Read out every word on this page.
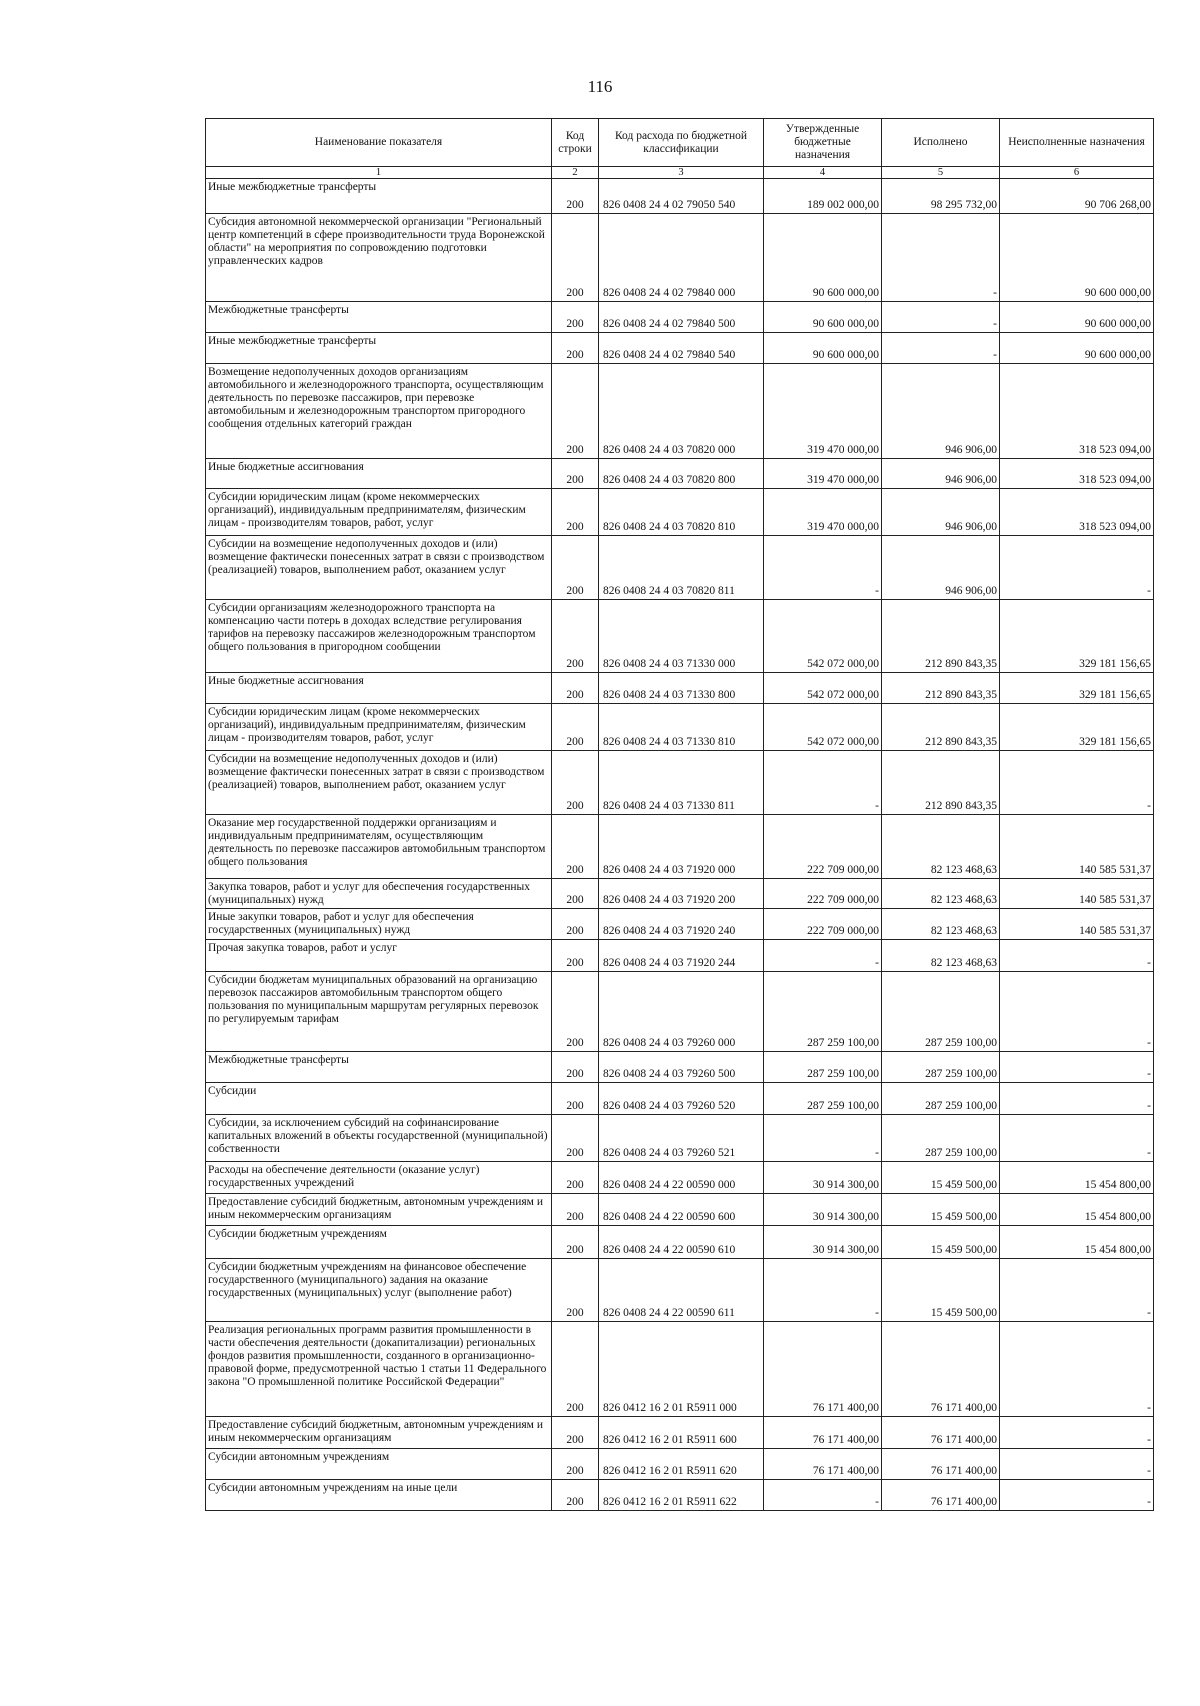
116
Наименование показателя	Код строки	Код расхода по бюджетной классификации	Утвержденные бюджетные назначения	Исполнено	Неисполненные назначения
1	2	3	4	5	6
Иные межбюджетные трансферты	200	826 0408 24 4 02 79050 540	189 002 000,00	98 295 732,00	90 706 268,00
Субсидия автономной некоммерческой организации "Региональный центр компетенций в сфере производительности труда Воронежской области" на мероприятия по сопровождению подготовки управленческих кадров	200	826 0408 24 4 02 79840 000	90 600 000,00	-	90 600 000,00
Межбюджетные трансферты	200	826 0408 24 4 02 79840 500	90 600 000,00	-	90 600 000,00
Иные межбюджетные трансферты	200	826 0408 24 4 02 79840 540	90 600 000,00	-	90 600 000,00
Возмещение недополученных доходов организациям автомобильного и железнодорожного транспорта, осуществляющим деятельность по перевозке пассажиров, при перевозке автомобильным и железнодорожным транспортом пригородного сообщения отдельных категорий граждан	200	826 0408 24 4 03 70820 000	319 470 000,00	946 906,00	318 523 094,00
Иные бюджетные ассигнования	200	826 0408 24 4 03 70820 800	319 470 000,00	946 906,00	318 523 094,00
Субсидии юридическим лицам (кроме некоммерческих организаций), индивидуальным предпринимателям, физическим лицам - производителям товаров, работ, услуг	200	826 0408 24 4 03 70820 810	319 470 000,00	946 906,00	318 523 094,00
Субсидии на возмещение недополученных доходов и (или) возмещение фактически понесенных затрат в связи с производством (реализацией) товаров, выполнением работ, оказанием услуг	200	826 0408 24 4 03 70820 811	-	946 906,00	-
Субсидии организациям железнодорожного транспорта на компенсацию части потерь в доходах вследствие регулирования тарифов на перевозку пассажиров железнодорожным транспортом общего пользования в пригородном сообщении	200	826 0408 24 4 03 71330 000	542 072 000,00	212 890 843,35	329 181 156,65
Иные бюджетные ассигнования	200	826 0408 24 4 03 71330 800	542 072 000,00	212 890 843,35	329 181 156,65
Субсидии юридическим лицам (кроме некоммерческих организаций), индивидуальным предпринимателям, физическим лицам - производителям товаров, работ, услуг	200	826 0408 24 4 03 71330 810	542 072 000,00	212 890 843,35	329 181 156,65
Субсидии на возмещение недополученных доходов и (или) возмещение фактически понесенных затрат в связи с производством (реализацией) товаров, выполнением работ, оказанием услуг	200	826 0408 24 4 03 71330 811	-	212 890 843,35	-
Оказание мер государственной поддержки организациям и индивидуальным предпринимателям, осуществляющим деятельность по перевозке пассажиров автомобильным транспортом общего пользования	200	826 0408 24 4 03 71920 000	222 709 000,00	82 123 468,63	140 585 531,37
Закупка товаров, работ и услуг для обеспечения государственных (муниципальных) нужд	200	826 0408 24 4 03 71920 200	222 709 000,00	82 123 468,63	140 585 531,37
Иные закупки товаров, работ и услуг для обеспечения государственных (муниципальных) нужд	200	826 0408 24 4 03 71920 240	222 709 000,00	82 123 468,63	140 585 531,37
Прочая закупка товаров, работ и услуг	200	826 0408 24 4 03 71920 244	-	82 123 468,63	-
Субсидии бюджетам муниципальных образований на организацию перевозок пассажиров автомобильным транспортом общего пользования по муниципальным маршрутам регулярных перевозок по регулируемым тарифам	200	826 0408 24 4 03 79260 000	287 259 100,00	287 259 100,00	-
Межбюджетные трансферты	200	826 0408 24 4 03 79260 500	287 259 100,00	287 259 100,00	-
Субсидии	200	826 0408 24 4 03 79260 520	287 259 100,00	287 259 100,00	-
Субсидии, за исключением субсидий на софинансирование капитальных вложений в объекты государственной (муниципальной) собственности	200	826 0408 24 4 03 79260 521	-	287 259 100,00	-
Расходы на обеспечение деятельности (оказание услуг) государственных учреждений	200	826 0408 24 4 22 00590 000	30 914 300,00	15 459 500,00	15 454 800,00
Предоставление субсидий бюджетным, автономным учреждениям и иным некоммерческим организациям	200	826 0408 24 4 22 00590 600	30 914 300,00	15 459 500,00	15 454 800,00
Субсидии бюджетным учреждениям	200	826 0408 24 4 22 00590 610	30 914 300,00	15 459 500,00	15 454 800,00
Субсидии бюджетным учреждениям на финансовое обеспечение государственного (муниципального) задания на оказание государственных (муниципальных) услуг (выполнение работ)	200	826 0408 24 4 22 00590 611	-	15 459 500,00	-
Реализация региональных программ развития промышленности в части обеспечения деятельности (докапитализации) региональных фондов развития промышленности, созданного в организационно-правовой форме, предусмотренной частью 1 статьи 11 Федерального закона "О промышленной политике Российской Федерации"	200	826 0412 16 2 01 R5911 000	76 171 400,00	76 171 400,00	-
Предоставление субсидий бюджетным, автономным учреждениям и иным некоммерческим организациям	200	826 0412 16 2 01 R5911 600	76 171 400,00	76 171 400,00	-
Субсидии автономным учреждениям	200	826 0412 16 2 01 R5911 620	76 171 400,00	76 171 400,00	-
Субсидии автономным учреждениям на иные цели	200	826 0412 16 2 01 R5911 622	-	76 171 400,00	-
